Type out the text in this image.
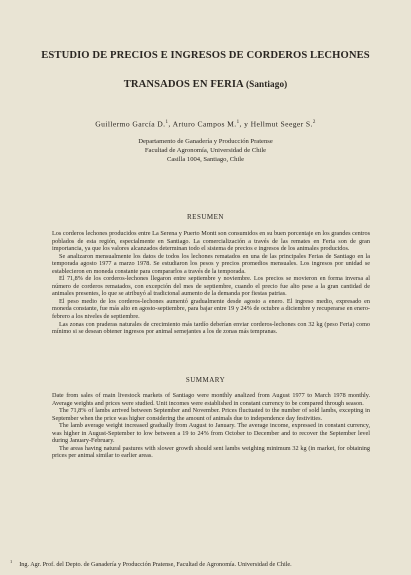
ESTUDIO DE PRECIOS E INGRESOS DE CORDEROS LECHONES
TRANSADOS EN FERIA (Santiago)
Guillermo García D.$^1$, Arturo Campos M.$^1$, y Hellmut Seeger S.$^2$
Departamento de Ganadería y Producción Pratense
Facultad de Agronomía, Universidad de Chile
Casilla 1004, Santiago, Chile
RESUMEN

Los corderos lechones producidos entre La Serena y Puerto Montt son consumidos en su buen porcentaje en los grandes centros poblados de esta región, especialmente en Santiago. La comercialización a través de las remates en Feria son de gran importancia, ya que los valores alcanzados determinan todo el sistema de precios e ingresos de los animales producidos.

Se analizaron mensualmente los datos de todos los lechones rematados en una de las principales Ferias de Santiago en la temporada agosto 1977 a marzo 1978. Se estudiaron los pesos y precios promedios mensuales. Los ingresos por unidad se establecieron en moneda constante para compararlos a través de la temporada.

El 71,8% de los corderos-lechones llegaron entre septiembre y noviembre. Los precios se movieron en forma inversa al número de corderos rematados, con excepción del mes de septiembre, cuando el precio fue alto pese a la gran cantidad de animales presentes, lo que se atribuyó al tradicional aumento de la demanda por fiestas patrias.

El peso medio de los corderos-lechones aumentó gradualmente desde agosto a enero. El ingreso medio, expresado en moneda constante, fue más alto en agosto-septiembre, para bajar entre 19 y 24% de octubre a diciembre y recuperarse en enero-febrero a los niveles de septiembre.

Las zonas con praderas naturales de crecimiento más tardío deberían enviar corderos-lechones con 32 kg (peso Feria) como mínimo si se desean obtener ingresos por animal semejantes a los de zonas más tempranas.

SUMMARY

Date from sales of main livestock markets of Santiago were monthly analized from August 1977 to March 1978 monthly. Average weights and prices were studied. Unit incomes were established in constant currency to be compared through season.

The 71,8% of lambs arrived between September and November. Prices fluctuated to the number of sold lambs, excepting in September when the price was higher considering the amount of animals due to independence day festivities.

The lamb average weight increased gradually from August to January. The average income, expressed in constant currency, was higher in August-September to low between a 19 to 24% from October to December and to recover the September level during January-February.

The areas having natural pastures with slower growth should sent lambs weighing minimum 32 kg (in market, for obtaining prices per animal similar to earlier areas.

$^1$ Ing. Agr. Prof. del Depto. de Ganadería y Producción Pratense, Facultad de Agronomía. Universidad de Chile.
